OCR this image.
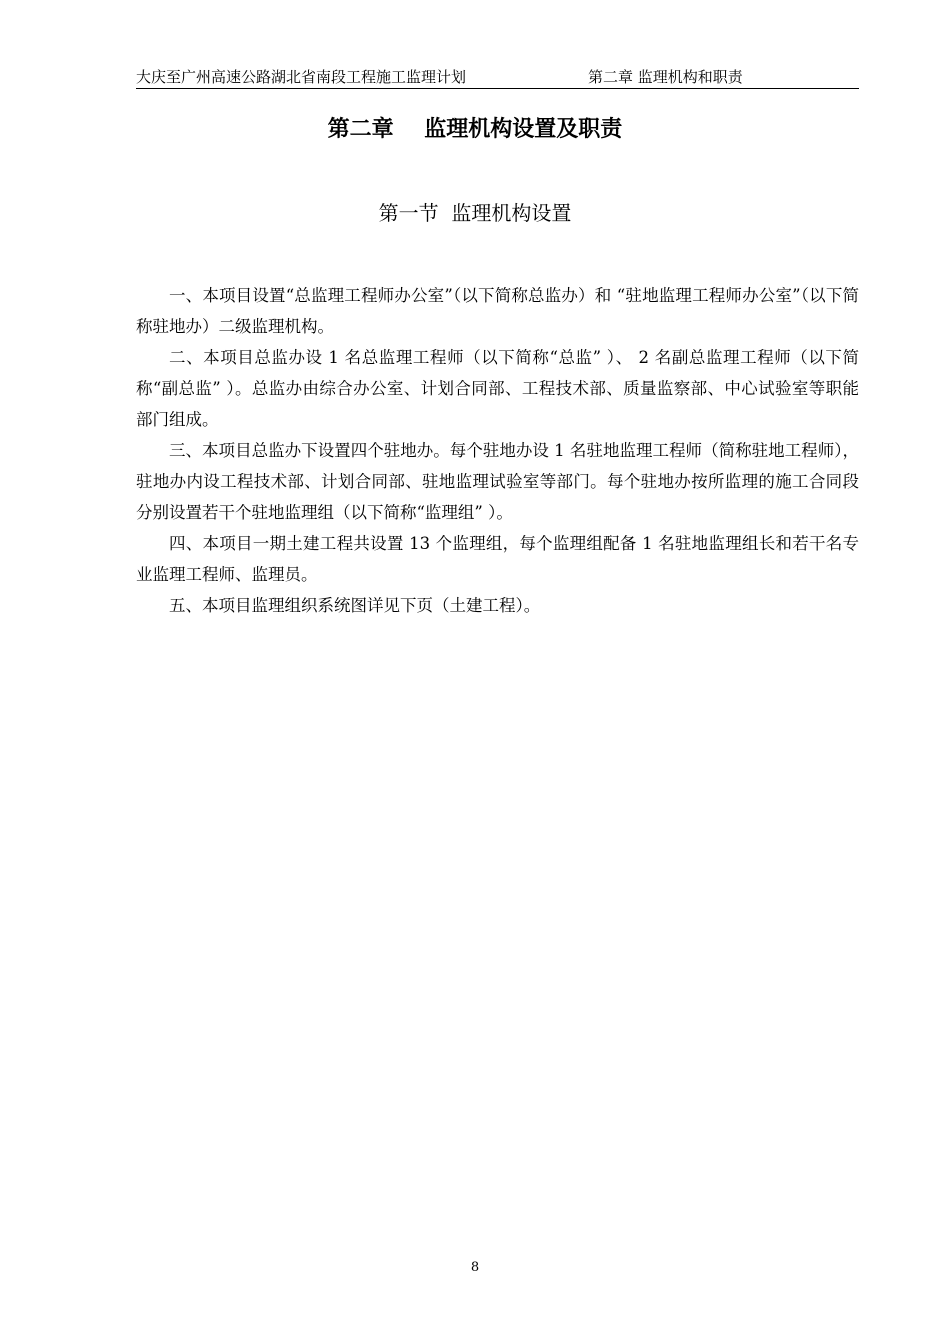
大庆至广州高速公路湖北省南段工程施工监理计划	第二章 监理机构和职责
第二章    监理机构设置及职责
第一节  监理机构设置

一、本项目设置“总监理工程师办公室”（以下简称总监办）和 “驻地监理工程师办公室”（以下简称驻地办）二级监理机构。

二、本项目总监办设 1 名总监理工程师（以下简称“总监” ）、 2 名副总监理工程师（以下简称“副总监” ）。总监办由综合办公室、计划合同部、工程技术部、质量监察部、中心试验室等职能部门组成。

三、本项目总监办下设置四个驻地办。每个驻地办设 1 名驻地监理工程师（简称驻地工程师），驻地办内设工程技术部、计划合同部、驻地监理试验室等部门。每个驻地办按所监理的施工合同段分别设置若干个驻地监理组（以下简称“监理组” ）。

四、本项目一期土建工程共设置 13 个监理组，每个监理组配备 1 名驻地监理组长和若干名专业监理工程师、监理员。

五、本项目监理组织系统图详见下页（土建工程）。

8
